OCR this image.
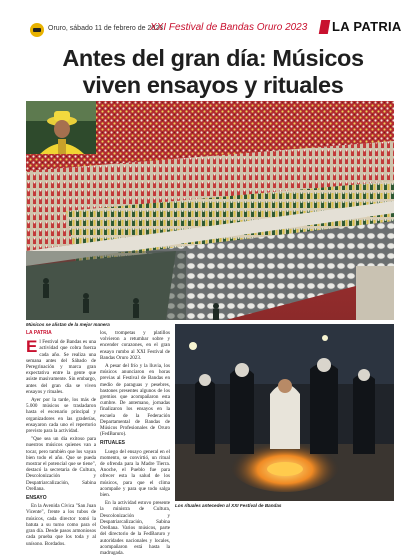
Oruro, sábado 11 de febrero de 2023
XXI Festival de Bandas Oruro 2023 LA PATRIA
Antes del gran día: Músicos
viven ensayos y rituales
Músicos se alistan de la mejor manera
LA PATRIA

El Festival de Bandas es una actividad que cobra fuerza cada año. Se realiza una semana antes del Sábado de Peregrinación y marca gran expectativa entre la gente que asiste masivamente. Sin embargo, antes del gran día se viven ensayos y rituales.

Ayer por la tarde, los más de 5.000 músicos se trasladaron hasta el escenario principal y organizadores en las graderías, ensayaron cada uno el repertorio previsto para la actividad.

"Que sea un día exitoso para nuestros músicos quienes van a tocar, pero también que los vayan bien todo el año. Que se pueda mostrar el potencial que se tiene", destacó la secretaria de Cultura, Descolonización y Despatriarcalización, Sabina Orellana.

ENSAYO

En la Avenida Cívica "San Juan Vicente", frente a los tubos de músicos, cada director tomó la batuta a su turno como para el gran día. Desde pasos armoniosos cada prueba que los toda y al unísono. Bordados.

los, trompetas y platillos volvieron a retumbar sobre y encender corazones, en el gran ensayo rumbo al XXI Festival de Bandas Oruro 2023.

A pesar del frío y la lluvia, los músicos anunciaron en horas previas al Festival de Bandas en medio de paraguas y pesebres, bastones presentes algunos de los gremios que acompañaron esta cumbre. De antemano, jornadas finalizaron los ensayos en la escuela de la Federación Departamental de Bandas de Músicos Profesionales de Oruro (FedBaruro).

RITUALES

Luego del ensayo general en el momento, se convirtió, un ritual de ofrenda para la Madre Tierra. Anoche, el Pueblo fue para ofrecer esta la salud de los músicos, para que el clima acompañe y para que todo salga bien.

En la actividad estuvo presente la ministra de Cultura, Descolonización y Despatriarcalización, Sabina Orellana. Varios músicos, parte del directorio de la FedBaruro y autoridades nacionales y locales, acompañaron está hasta la madrugada.

Los rituales anteceden al XXI Festival de Bandas
